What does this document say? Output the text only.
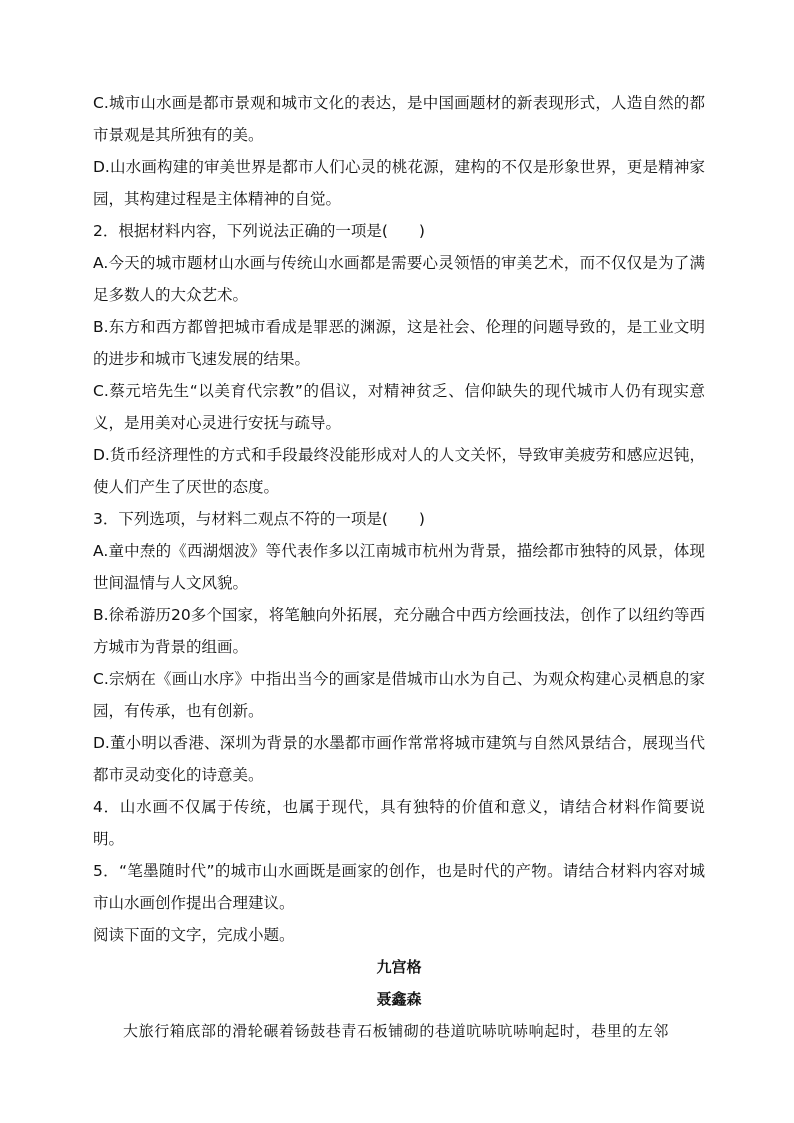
C.城市山水画是都市景观和城市文化的表达，是中国画题材的新表现形式，人造自然的都市景观是其所独有的美。

D.山水画构建的审美世界是都市人们心灵的桃花源，建构的不仅是形象世界，更是精神家园，其构建过程是主体精神的自觉。

2．根据材料内容，下列说法正确的一项是(　　)

A.今天的城市题材山水画与传统山水画都是需要心灵领悟的审美艺术，而不仅仅是为了满足多数人的大众艺术。

B.东方和西方都曾把城市看成是罪恶的渊源，这是社会、伦理的问题导致的，是工业文明的进步和城市飞速发展的结果。

C.蔡元培先生“以美育代宗教”的倡议，对精神贫乏、信仰缺失的现代城市人仍有现实意义，是用美对心灵进行安抚与疏导。

D.货币经济理性的方式和手段最终没能形成对人的人文关怀，导致审美疲劳和感应迟钝，使人们产生了厌世的态度。

3．下列选项，与材料二观点不符的一项是(　　)

A.童中焘的《西湖烟波》等代表作多以江南城市杭州为背景，描绘都市独特的风景，体现世间温情与人文风貌。

B.徐希游历20多个国家，将笔触向外拓展，充分融合中西方绘画技法，创作了以纽约等西方城市为背景的组画。

C.宗炳在《画山水序》中指出当今的画家是借城市山水为自己、为观众构建心灵栖息的家园，有传承，也有创新。

D.董小明以香港、深圳为背景的水墨都市画作常常将城市建筑与自然风景结合，展现当代都市灵动变化的诗意美。

4．山水画不仅属于传统，也属于现代，具有独特的价值和意义，请结合材料作简要说明。

5．“笔墨随时代”的城市山水画既是画家的创作，也是时代的产物。请结合材料内容对城市山水画创作提出合理建议。

阅读下面的文字，完成小题。

九宫格

聂鑫森

大旅行箱底部的滑轮碾着钖鼓巷青石板铺砌的巷道吭哧吭哧响起时，巷里的左邻
